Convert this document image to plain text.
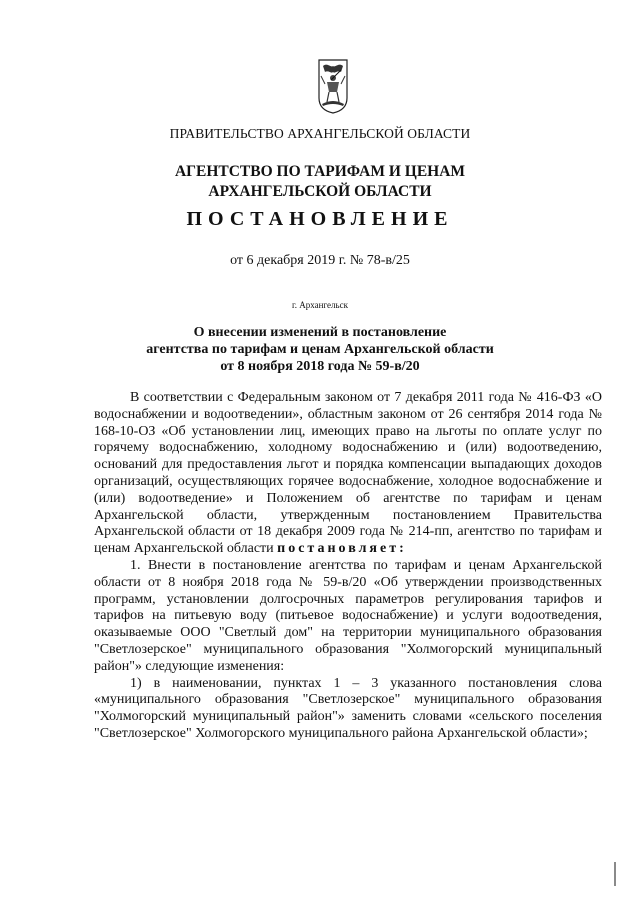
ПРАВИТЕЛЬСТВО АРХАНГЕЛЬСКОЙ ОБЛАСТИ
АГЕНТСТВО ПО ТАРИФАМ И ЦЕНАМ
АРХАНГЕЛЬСКОЙ ОБЛАСТИ
ПОСТАНОВЛЕНИЕ
от 6 декабря 2019 г. № 78-в/25
г. Архангельск
О внесении изменений в постановление
агентства по тарифам и ценам Архангельской области
от 8 ноября 2018 года № 59-в/20

В соответствии с Федеральным законом от 7 декабря 2011 года № 416-ФЗ «О водоснабжении и водоотведении», областным законом от 26 сентября 2014 года № 168-10-ОЗ «Об установлении лиц, имеющих право на льготы по оплате услуг по горячему водоснабжению, холодному водоснабжению и (или) водоотведению, оснований для предоставления льгот и порядка компенсации выпадающих доходов организаций, осуществляющих горячее водоснабжение, холодное водоснабжение и (или) водоотведение» и Положением об агентстве по тарифам и ценам Архангельской области, утвержденным постановлением Правительства Архангельской области от 18 декабря 2009 года № 214-пп, агентство по тарифам и ценам Архангельской области постановляет:

1. Внести в постановление агентства по тарифам и ценам Архангельской области от 8 ноября 2018 года № 59-в/20 «Об утверждении производственных программ, установлении долгосрочных параметров регулирования тарифов и тарифов на питьевую воду (питьевое водоснабжение) и услуги водоотведения, оказываемые ООО "Светлый дом" на территории муниципального образования "Светлозерское" муниципального образования "Холмогорский муниципальный район"» следующие изменения:

1) в наименовании, пунктах 1 – 3 указанного постановления слова «муниципального образования "Светлозерское" муниципального образования "Холмогорский муниципальный район"» заменить словами «сельского поселения "Светлозерское" Холмогорского муниципального района Архангельской области»;
